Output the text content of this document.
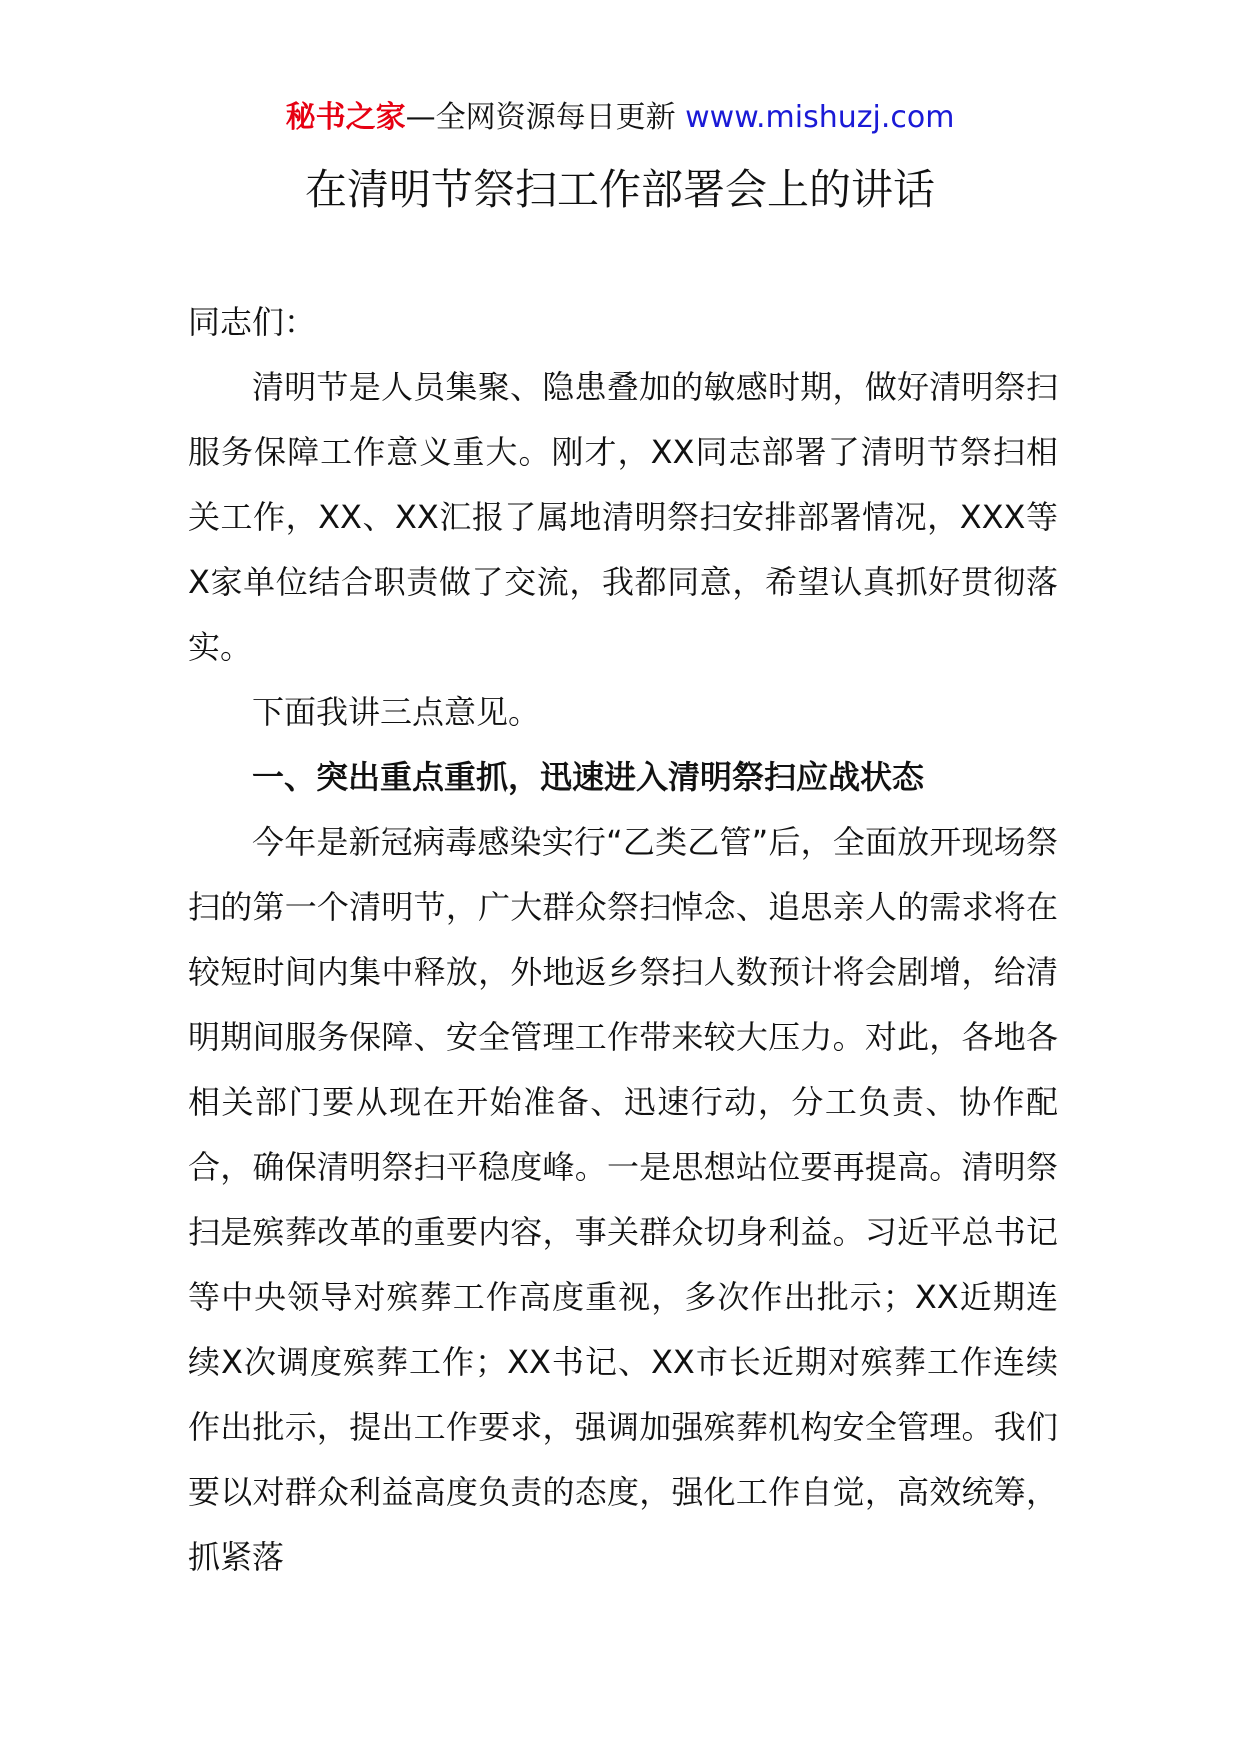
秘书之家—全网资源每日更新 www.mishuzj.com
在清明节祭扫工作部署会上的讲话
同志们：

清明节是人员集聚、隐患叠加的敏感时期，做好清明祭扫服务保障工作意义重大。刚才，XX同志部署了清明节祭扫相关工作，XX、XX汇报了属地清明祭扫安排部署情况，XXX等X家单位结合职责做了交流，我都同意，希望认真抓好贯彻落实。

下面我讲三点意见。

一、突出重点重抓，迅速进入清明祭扫应战状态

今年是新冠病毒感染实行“乙类乙管”后，全面放开现场祭扫的第一个清明节，广大群众祭扫悼念、追思亲人的需求将在较短时间内集中释放，外地返乡祭扫人数预计将会剧增，给清明期间服务保障、安全管理工作带来较大压力。对此，各地各相关部门要从现在开始准备、迅速行动，分工负责、协作配合，确保清明祭扫平稳度峰。一是思想站位要再提高。清明祭扫是殡葬改革的重要内容，事关群众切身利益。习近平总书记等中央领导对殡葬工作高度重视，多次作出批示；XX近期连续X次调度殡葬工作；XX书记、XX市长近期对殡葬工作连续作出批示，提出工作要求，强调加强殡葬机构安全管理。我们要以对群众利益高度负责的态度，强化工作自觉，高效统筹，抓紧落
